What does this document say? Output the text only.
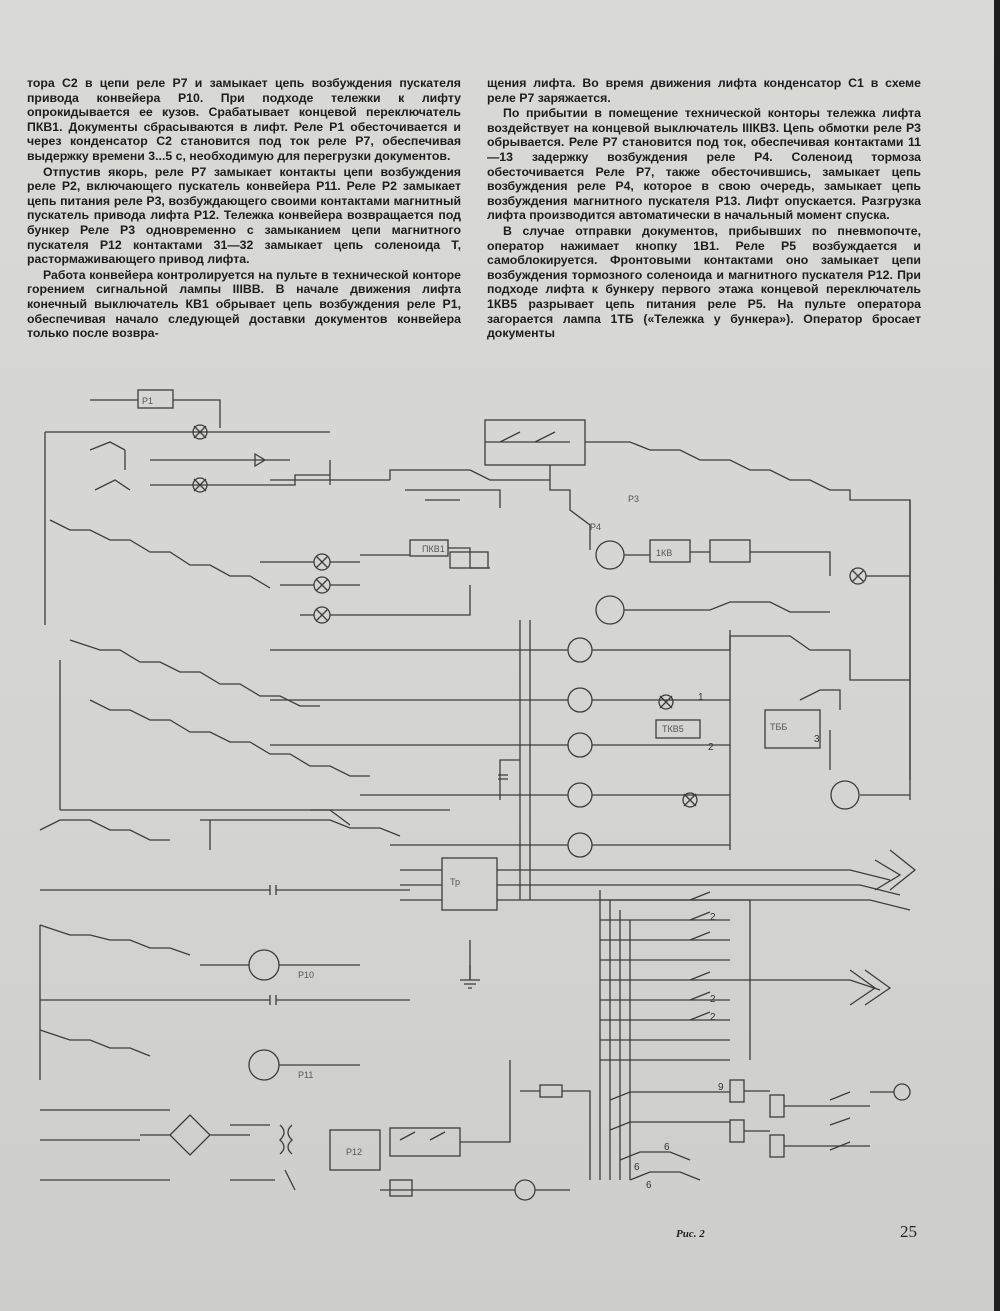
тора С2 в цепи реле Р7 и замыкает цепь возбуждения пускателя привода конвейера Р10. При подходе тележки к лифту опрокидывается ее кузов. Срабатывает концевой переключатель ПКВ1. Документы сбрасываются в лифт. Реле Р1 обесточивается и через конденсатор С2 становится под ток реле Р7, обеспечивая выдержку времени 3...5 с, необходимую для перегрузки документов.

Отпустив якорь, реле Р7 замыкает контакты цепи возбуждения реле Р2, включающего пускатель конвейера Р11. Реле Р2 замыкает цепь питания реле Р3, возбуждающего своими контактами магнитный пускатель привода лифта Р12. Тележка конвейера возвращается под бункер Реле Р3 одновременно с замыканием цепи магнитного пускателя Р12 контактами 31—32 замыкает цепь соленоида Т, растормаживающего привод лифта.

Работа конвейера контролируется на пульте в технической конторе горением сигнальной лампы IIIВВ. В начале движения лифта конечный выключатель КВ1 обрывает цепь возбуждения реле Р1, обеспечивая начало следующей доставки документов конвейера только после возвра-

щения лифта. Во время движения лифта конденсатор С1 в схеме реле Р7 заряжается.

По прибытии в помещение технической конторы тележка лифта воздействует на концевой выключатель IIIКВ3. Цепь обмотки реле Р3 обрывается. Реле Р7 становится под ток, обеспечивая контактами 11—13 задержку возбуждения реле Р4. Соленоид тормоза обесточивается Реле Р7, также обесточившись, замыкает цепь возбуждения реле Р4, которое в свою очередь, замыкает цепь возбуждения магнитного пускателя Р13. Лифт опускается. Разгрузка лифта производится автоматически в начальный момент спуска.

В случае отправки документов, прибывших по пневмопочте, оператор нажимает кнопку 1В1. Реле Р5 возбуждается и самоблокируется. Фронтовыми контактами оно замыкает цепи возбуждения тормозного соленоида и магнитного пускателя Р12. При подходе лифта к бункеру первого этажа концевой переключатель 1КВ5 разрывает цепь питания реле Р5. На пульте оператора загорается лампа 1ТБ («Тележка у бункера»). Оператор бросает документы

Р1
ПКВ1	1КВ
ТББ
Тр
ТКВ5
Р12
Р10
Р11
Р4
Р3
1
2
3
2
2
2
9
6
6
6
Рис. 2	25
